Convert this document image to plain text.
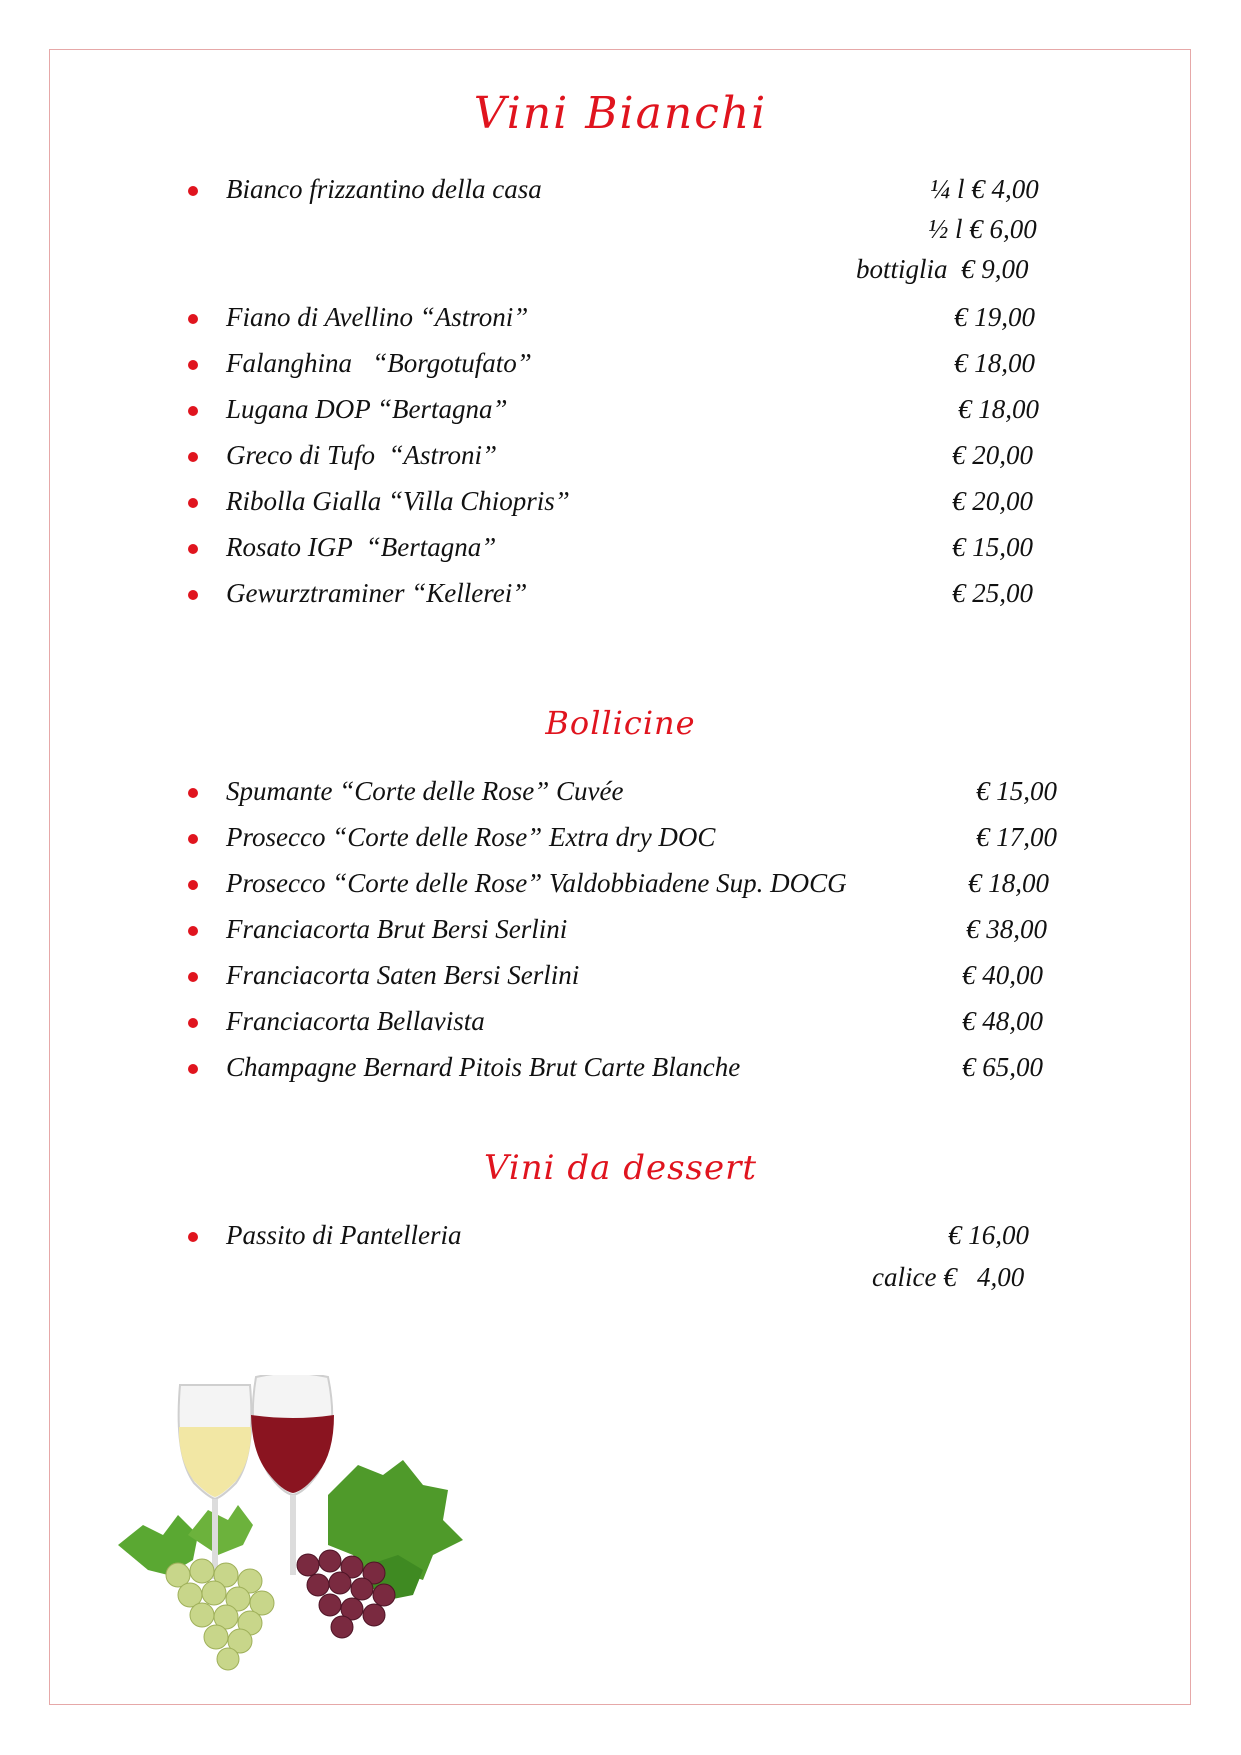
Vini Bianchi
Bianco frizzantino della casa	¼ l € 4,00
½ l € 6,00
bottiglia  € 9,00
Fiano di Avellino “Astroni”	€ 19,00
Falanghina   “Borgotufato”	€ 18,00
Lugana DOP “Bertagna”	€ 18,00
Greco di Tufo  “Astroni”	€ 20,00
Ribolla Gialla “Villa Chiopris”	€ 20,00
Rosato IGP  “Bertagna”	€ 15,00
Gewurztraminer “Kellerei”	€ 25,00
Bollicine
Spumante “Corte delle Rose” Cuvée	€ 15,00
Prosecco “Corte delle Rose” Extra dry DOC	€ 17,00
Prosecco “Corte delle Rose” Valdobbiadene Sup. DOCG	€ 18,00
Franciacorta Brut Bersi Serlini	€ 38,00
Franciacorta Saten Bersi Serlini	€ 40,00
Franciacorta Bellavista	€ 48,00
Champagne Bernard Pitois Brut Carte Blanche	€ 65,00
Vini da dessert
Passito di Pantelleria	€ 16,00
calice €   4,00
